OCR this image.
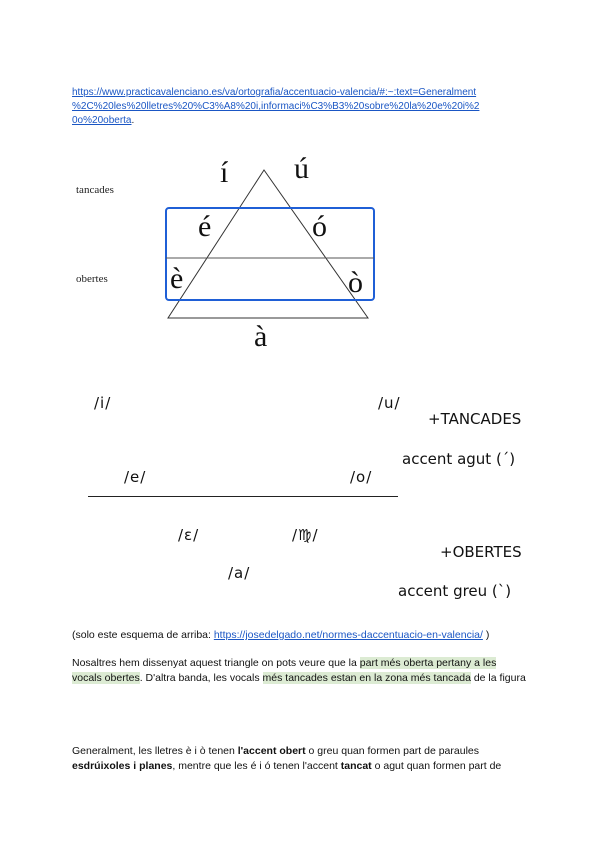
https://www.practicavalenciano.es/va/ortografia/accentuacio-valencia/#:~:text=Generalment
%2C%20les%20lletres%20%C3%A8%20i,informaci%C3%B3%20sobre%20la%20e%20i%2
0o%20oberta.
tancades
obertes
í ú
é	ó
è	ò
à
/i/	/u/
+TANCADES
accent agut (´)
/e/	/o/
/ε/	/♍/
+OBERTES
/a/
accent greu (`)
(solo este esquema de arriba: https://josedelgado.net/normes-daccentuacio-en-valencia/ )
Nosaltres hem dissenyat aquest triangle on pots veure que la part més oberta pertany a les vocals obertes. D'altra banda, les vocals més tancades estan en la zona més tancada de la figura
Generalment, les lletres è i ò tenen l'accent obert o greu quan formen part de paraules esdrúixoles i planes, mentre que les é i ó tenen l'accent tancat o agut quan formen part de
